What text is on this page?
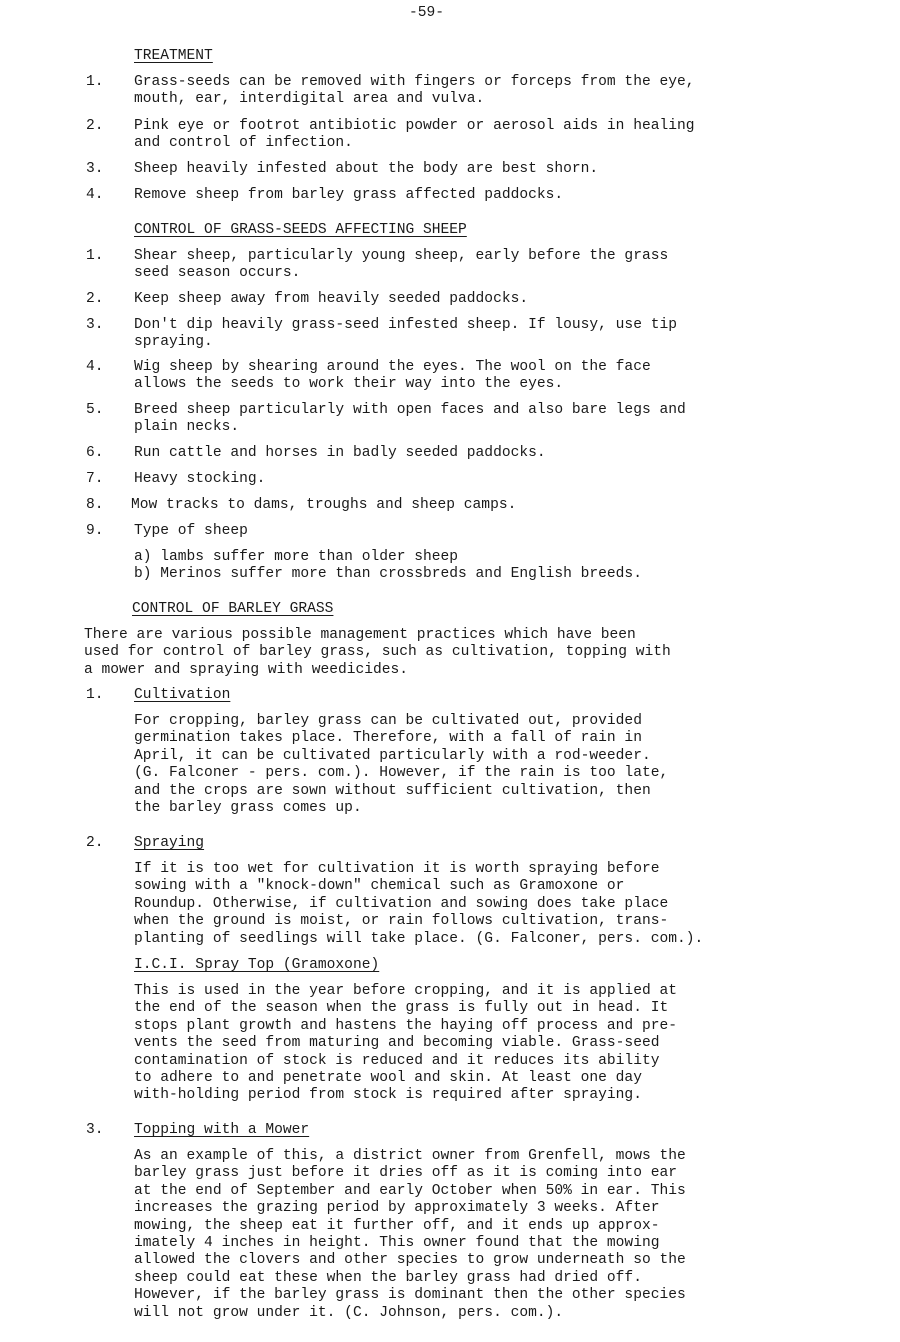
-59-
TREATMENT
1. Grass-seeds can be removed with fingers or forceps from the eye,
mouth, ear, interdigital area and vulva.
2. Pink eye or footrot antibiotic powder or aerosol aids in healing
and control of infection.
3. Sheep heavily infested about the body are best shorn.
4. Remove sheep from barley grass affected paddocks.
CONTROL OF GRASS-SEEDS AFFECTING SHEEP
1. Shear sheep, particularly young sheep, early before the grass
seed season occurs.
2. Keep sheep away from heavily seeded paddocks.
3. Don't dip heavily grass-seed infested sheep. If lousy, use tip
spraying.
4. Wig sheep by shearing around the eyes. The wool on the face
allows the seeds to work their way into the eyes.
5. Breed sheep particularly with open faces and also bare legs and
plain necks.
6. Run cattle and horses in badly seeded paddocks.
7. Heavy stocking.
8. Mow tracks to dams, troughs and sheep camps.
9. Type of sheep
a) lambs suffer more than older sheep
b) Merinos suffer more than crossbreds and English breeds.
CONTROL OF BARLEY GRASS
There are various possible management practices which have been
used for control of barley grass, such as cultivation, topping with
a mower and spraying with weedicides.
1. Cultivation
For cropping, barley grass can be cultivated out, provided
germination takes place. Therefore, with a fall of rain in
April, it can be cultivated particularly with a rod-weeder.
(G. Falconer - pers. com.). However, if the rain is too late,
and the crops are sown without sufficient cultivation, then
the barley grass comes up.
2. Spraying
If it is too wet for cultivation it is worth spraying before
sowing with a "knock-down" chemical such as Gramoxone or
Roundup. Otherwise, if cultivation and sowing does take place
when the ground is moist, or rain follows cultivation, trans-
planting of seedlings will take place. (G. Falconer, pers. com.).
I.C.I. Spray Top (Gramoxone)
This is used in the year before cropping, and it is applied at
the end of the season when the grass is fully out in head. It
stops plant growth and hastens the haying off process and pre-
vents the seed from maturing and becoming viable. Grass-seed
contamination of stock is reduced and it reduces its ability
to adhere to and penetrate wool and skin. At least one day
with-holding period from stock is required after spraying.
3. Topping with a Mower
As an example of this, a district owner from Grenfell, mows the
barley grass just before it dries off as it is coming into ear
at the end of September and early October when 50% in ear. This
increases the grazing period by approximately 3 weeks. After
mowing, the sheep eat it further off, and it ends up approx-
imately 4 inches in height. This owner found that the mowing
allowed the clovers and other species to grow underneath so the
sheep could eat these when the barley grass had dried off.
However, if the barley grass is dominant then the other species
will not grow under it. (C. Johnson, pers. com.).
